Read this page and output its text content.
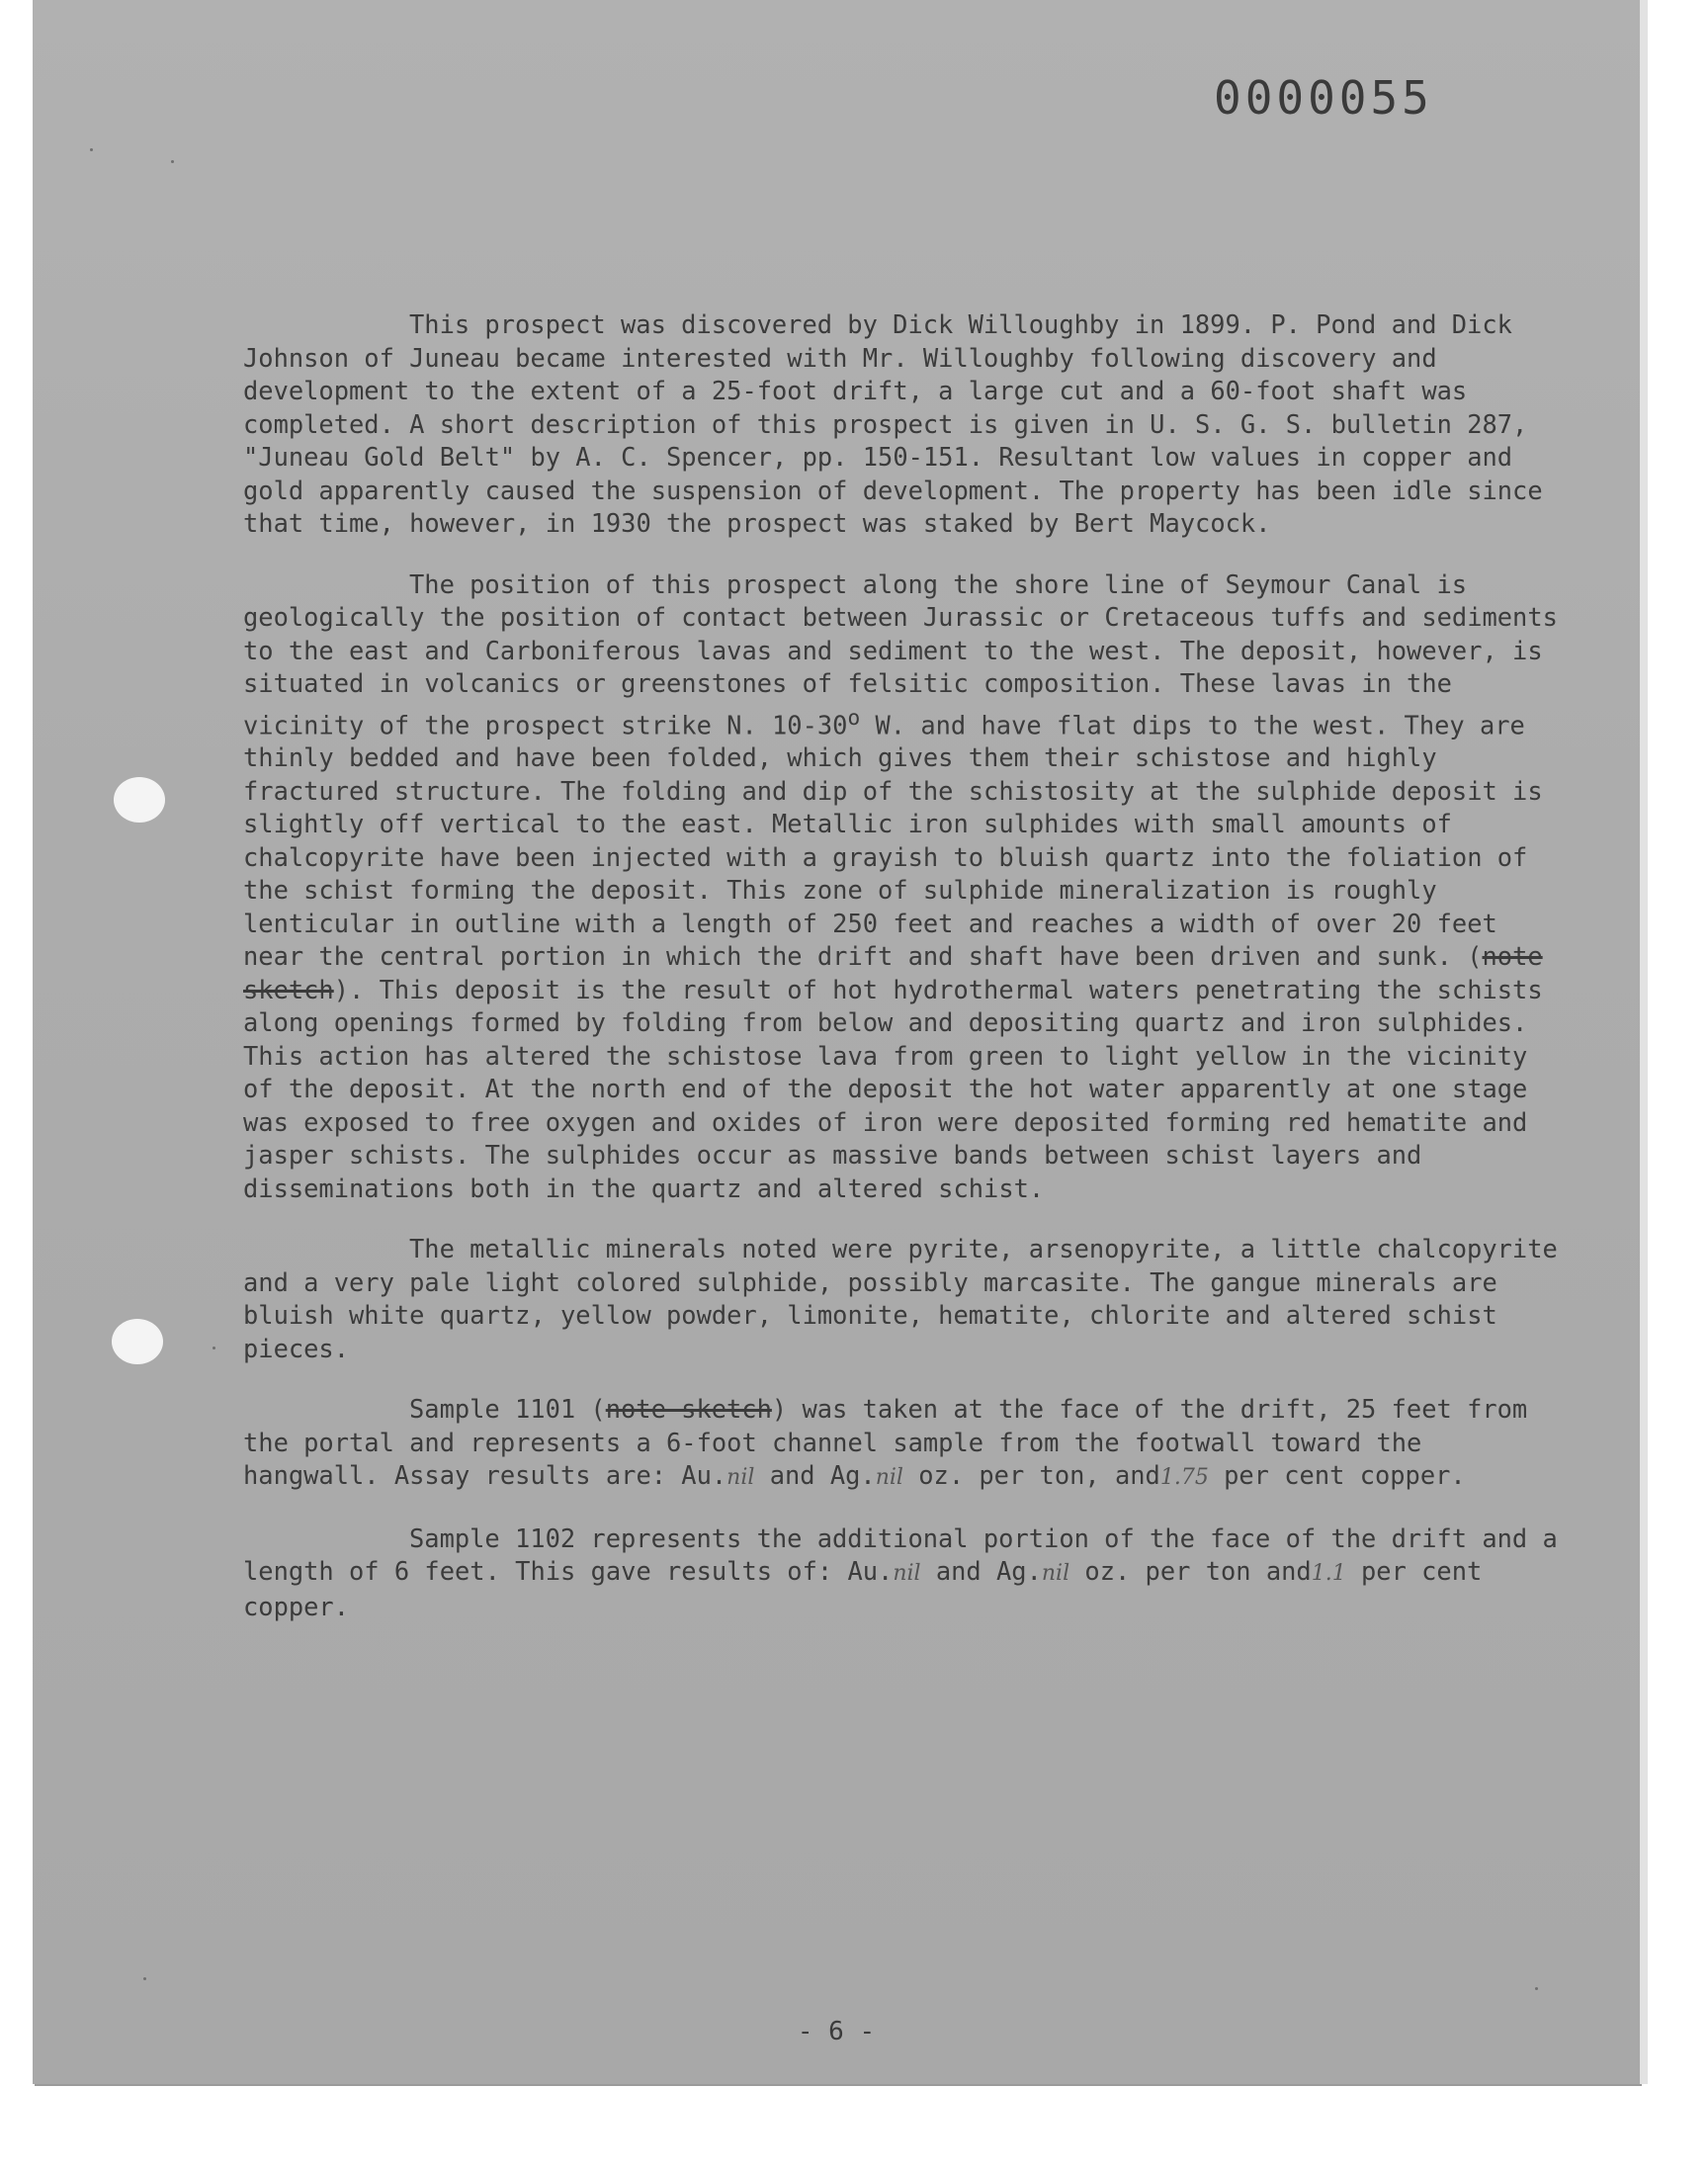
0000055

This prospect was discovered by Dick Willoughby in 1899. P. Pond and Dick Johnson of Juneau became interested with Mr. Willoughby following discovery and development to the extent of a 25-foot drift, a large cut and a 60-foot shaft was completed. A short description of this prospect is given in U. S. G. S. bulletin 287, "Juneau Gold Belt" by A. C. Spencer, pp. 150-151. Resultant low values in copper and gold apparently caused the suspension of development. The property has been idle since that time, however, in 1930 the prospect was staked by Bert Maycock.

The position of this prospect along the shore line of Seymour Canal is geologically the position of contact between Jurassic or Cretaceous tuffs and sediments to the east and Carboniferous lavas and sediment to the west. The deposit, however, is situated in volcanics or greenstones of felsitic composition. These lavas in the vicinity of the prospect strike N. 10-30$^o$ W. and have flat dips to the west. They are thinly bedded and have been folded, which gives them their schistose and highly fractured structure. The folding and dip of the schistosity at the sulphide deposit is slightly off vertical to the east. Metallic iron sulphides with small amounts of chalcopyrite have been injected with a grayish to bluish quartz into the foliation of the schist forming the deposit. This zone of sulphide mineralization is roughly lenticular in outline with a length of 250 feet and reaches a width of over 20 feet near the central portion in which the drift and shaft have been driven and sunk. (note sketch). This deposit is the result of hot hydrothermal waters penetrating the schists along openings formed by folding from below and depositing quartz and iron sulphides. This action has altered the schistose lava from green to light yellow in the vicinity of the deposit. At the north end of the deposit the hot water apparently at one stage was exposed to free oxygen and oxides of iron were deposited forming red hematite and jasper schists. The sulphides occur as massive bands between schist layers and disseminations both in the quartz and altered schist.

The metallic minerals noted were pyrite, arsenopyrite, a little chalcopyrite and a very pale light colored sulphide, possibly marcasite. The gangue minerals are bluish white quartz, yellow powder, limonite, hematite, chlorite and altered schist pieces.

Sample 1101 (note sketch) was taken at the face of the drift, 25 feet from the portal and represents a 6-foot channel sample from the footwall toward the hangwall. Assay results are: Au.nil and Ag.nil oz. per ton, and1.75 per cent copper.

Sample 1102 represents the additional portion of the face of the drift and a length of 6 feet. This gave results of: Au.nil and Ag.nil oz. per ton and1.1 per cent copper.

- 6 -
